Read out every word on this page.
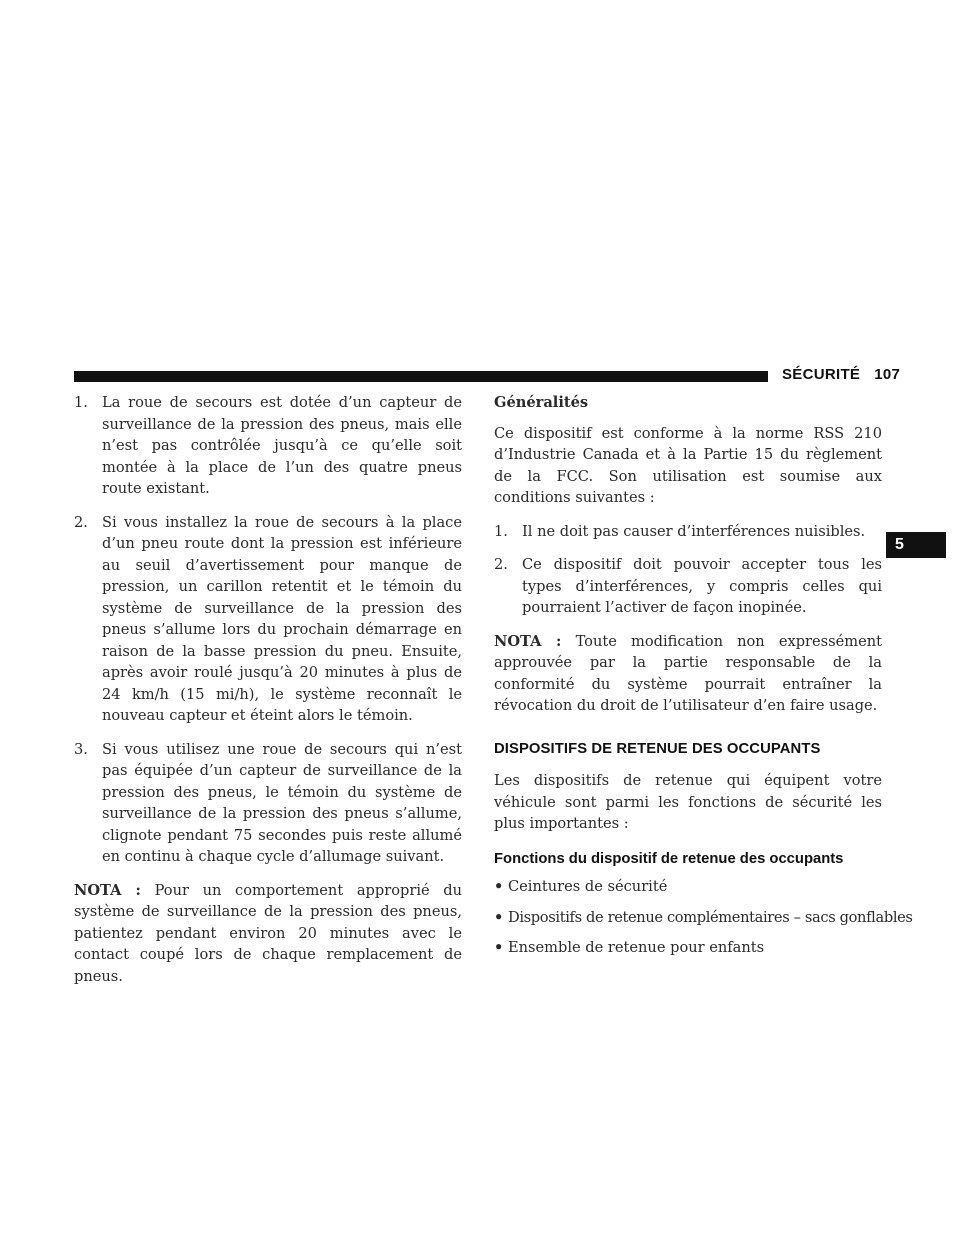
SÉCURITÉ 107
5
1. La roue de secours est dotée d’un capteur de surveillance de la pression des pneus, mais elle n’est pas contrôlée jusqu’à ce qu’elle soit montée à la place de l’un des quatre pneus route existant.
2. Si vous installez la roue de secours à la place d’un pneu route dont la pression est inférieure au seuil d’avertissement pour manque de pression, un carillon retentit et le témoin du système de surveillance de la pression des pneus s’allume lors du prochain démarrage en raison de la basse pression du pneu. Ensuite, après avoir roulé jusqu’à 20 minutes à plus de 24 km/h (15 mi/h), le système reconnaît le nouveau capteur et éteint alors le témoin.
3. Si vous utilisez une roue de secours qui n’est pas équipée d’un capteur de surveillance de la pression des pneus, le témoin du système de surveillance de la pression des pneus s’allume, clignote pendant 75 secondes puis reste allumé en continu à chaque cycle d’allumage suivant.

NOTA : Pour un comportement approprié du système de surveillance de la pression des pneus, patientez pendant environ 20 minutes avec le contact coupé lors de chaque remplacement de pneus.

Généralités

Ce dispositif est conforme à la norme RSS 210 d’Industrie Canada et à la Partie 15 du règlement de la FCC. Son utilisation est soumise aux conditions suivantes :

1. Il ne doit pas causer d’interférences nuisibles.
2. Ce dispositif doit pouvoir accepter tous les types d’interférences, y compris celles qui pourraient l’activer de façon inopinée.

NOTA : Toute modification non expressément approuvée par la partie responsable de la conformité du système pourrait entraîner la révocation du droit de l’utilisateur d’en faire usage.

DISPOSITIFS DE RETENUE DES OCCUPANTS

Les dispositifs de retenue qui équipent votre véhicule sont parmi les fonctions de sécurité les plus importantes :

Fonctions du dispositif de retenue des occupants
• Ceintures de sécurité
• Dispositifs de retenue complémentaires – sacs gonflables
• Ensemble de retenue pour enfants
